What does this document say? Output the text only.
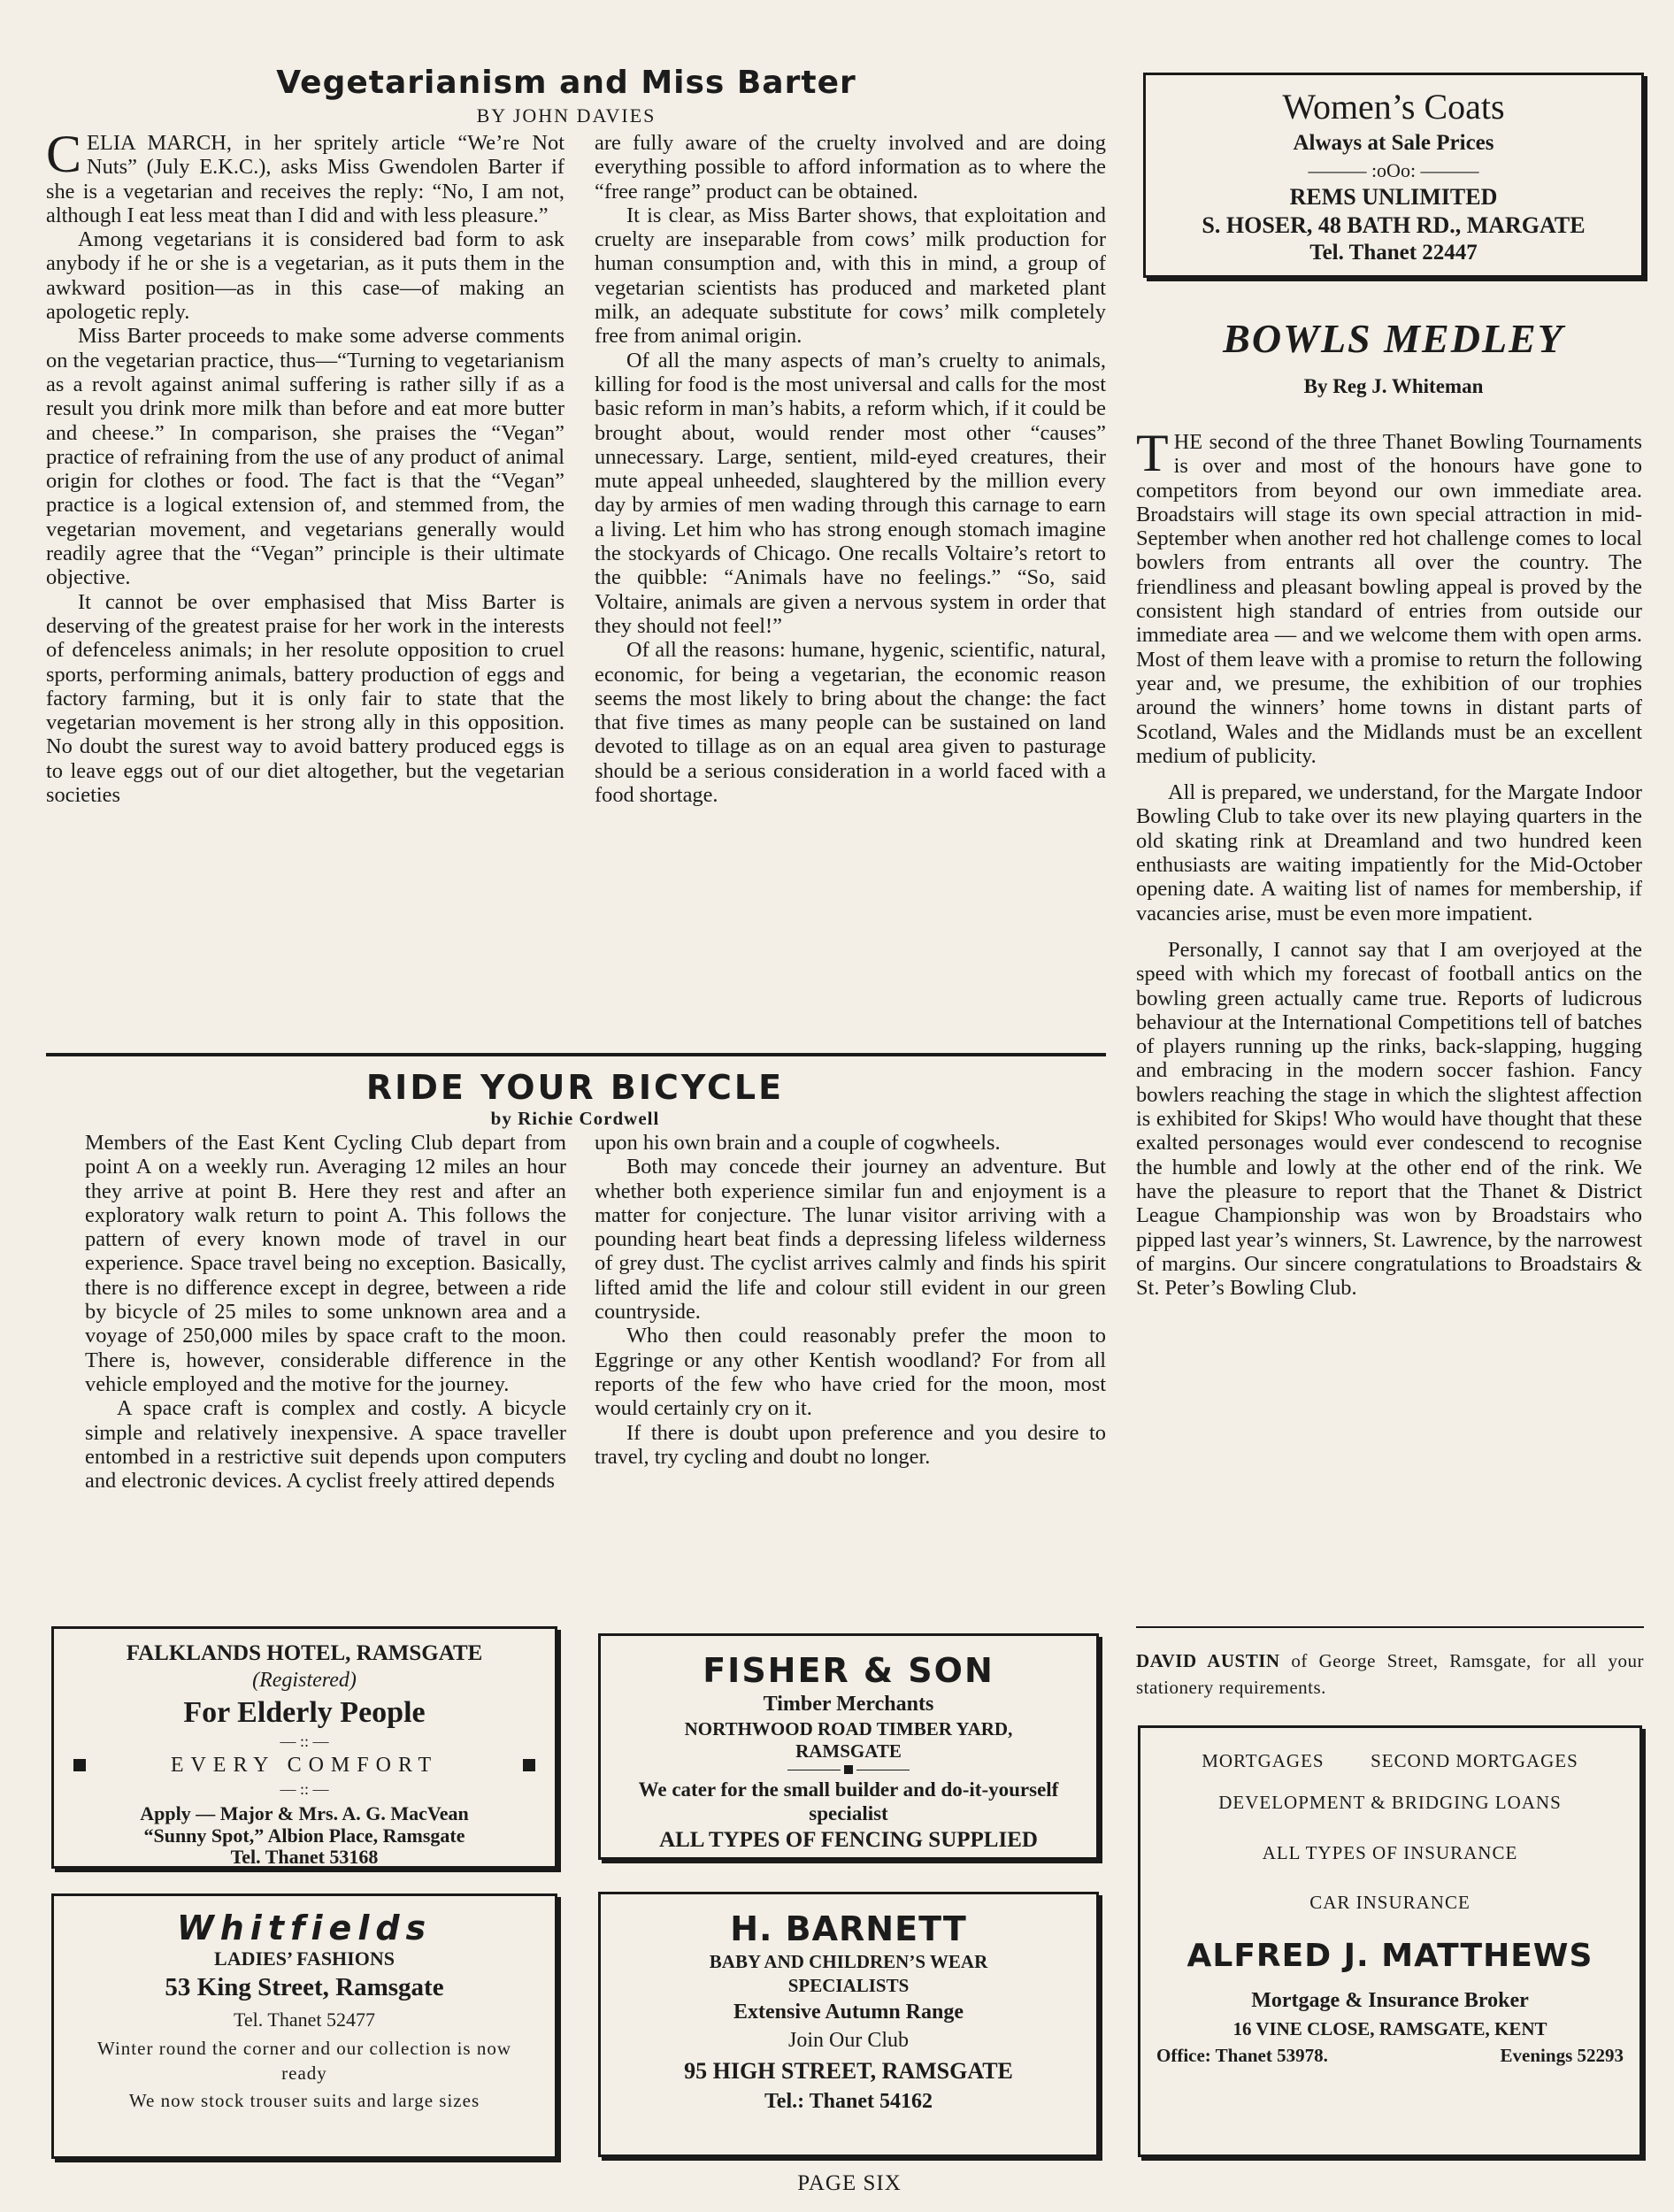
Vegetarianism and Miss Barter
BY JOHN DAVIES

CELIA MARCH, in her spritely article “We’re Not Nuts” (July E.K.C.), asks Miss Gwendolen Barter if she is a vegetarian and receives the reply: “No, I am not, although I eat less meat than I did and with less pleasure.”

Among vegetarians it is considered bad form to ask anybody if he or she is a vegetarian, as it puts them in the awkward position—as in this case—of making an apologetic reply.

Miss Barter proceeds to make some adverse comments on the vegetarian practice, thus—“Turning to vegetarianism as a revolt against animal suffering is rather silly if as a result you drink more milk than before and eat more butter and cheese.” In comparison, she praises the “Vegan” practice of refraining from the use of any product of animal origin for clothes or food. The fact is that the “Vegan” practice is a logical extension of, and stemmed from, the vegetarian movement, and vegetarians generally would readily agree that the “Vegan” principle is their ultimate objective.

It cannot be over emphasised that Miss Barter is deserving of the greatest praise for her work in the interests of defenceless animals; in her resolute opposition to cruel sports, performing animals, battery production of eggs and factory farming, but it is only fair to state that the vegetarian movement is her strong ally in this opposition. No doubt the surest way to avoid battery produced eggs is to leave eggs out of our diet altogether, but the vegetarian societies

are fully aware of the cruelty involved and are doing everything possible to afford information as to where the “free range” product can be obtained.

It is clear, as Miss Barter shows, that exploitation and cruelty are inseparable from cows’ milk production for human consumption and, with this in mind, a group of vegetarian scientists has produced and marketed plant milk, an adequate substitute for cows’ milk completely free from animal origin.

Of all the many aspects of man’s cruelty to animals, killing for food is the most universal and calls for the most basic reform in man’s habits, a reform which, if it could be brought about, would render most other “causes” unnecessary. Large, sentient, mild-eyed creatures, their mute appeal unheeded, slaughtered by the million every day by armies of men wading through this carnage to earn a living. Let him who has strong enough stomach imagine the stockyards of Chicago. One recalls Voltaire’s retort to the quibble: “Animals have no feelings.” “So, said Voltaire, animals are given a nervous system in order that they should not feel!”

Of all the reasons: humane, hygenic, scientific, natural, economic, for being a vegetarian, the economic reason seems the most likely to bring about the change: the fact that five times as many people can be sustained on land devoted to tillage as on an equal area given to pasturage should be a serious consideration in a world faced with a food shortage.

RIDE YOUR BICYCLE
by Richie Cordwell

Members of the East Kent Cycling Club depart from point A on a weekly run. Averaging 12 miles an hour they arrive at point B. Here they rest and after an exploratory walk return to point A. This follows the pattern of every known mode of travel in our experience. Space travel being no exception. Basically, there is no difference except in degree, between a ride by bicycle of 25 miles to some unknown area and a voyage of 250,000 miles by space craft to the moon. There is, however, considerable difference in the vehicle employed and the motive for the journey.

A space craft is complex and costly. A bicycle simple and relatively inexpensive. A space traveller entombed in a restrictive suit depends upon computers and electronic devices. A cyclist freely attired depends

upon his own brain and a couple of cogwheels.

Both may concede their journey an adventure. But whether both experience similar fun and enjoyment is a matter for conjecture. The lunar visitor arriving with a pounding heart beat finds a depressing lifeless wilderness of grey dust. The cyclist arrives calmly and finds his spirit lifted amid the life and colour still evident in our green countryside.

Who then could reasonably prefer the moon to Eggringe or any other Kentish woodland? For from all reports of the few who have cried for the moon, most would certainly cry on it.

If there is doubt upon preference and you desire to travel, try cycling and doubt no longer.

Women’s Coats
Always at Sale Prices
——— :oOo: ———
REMS UNLIMITED
S. HOSER, 48 BATH RD., MARGATE
Tel. Thanet 22447
BOWLS MEDLEY
By Reg J. Whiteman

THE second of the three Thanet Bowling Tournaments is over and most of the honours have gone to competitors from beyond our own immediate area. Broadstairs will stage its own special attraction in mid-September when another red hot challenge comes to local bowlers from entrants all over the country. The friendliness and pleasant bowling appeal is proved by the consistent high standard of entries from outside our immediate area — and we welcome them with open arms. Most of them leave with a promise to return the following year and, we presume, the exhibition of our trophies around the winners’ home towns in distant parts of Scotland, Wales and the Midlands must be an excellent medium of publicity.

All is prepared, we understand, for the Margate Indoor Bowling Club to take over its new playing quarters in the old skating rink at Dreamland and two hundred keen enthusiasts are waiting impatiently for the Mid-October opening date. A waiting list of names for membership, if vacancies arise, must be even more impatient.

Personally, I cannot say that I am overjoyed at the speed with which my forecast of football antics on the bowling green actually came true. Reports of ludicrous behaviour at the International Competitions tell of batches of players running up the rinks, back-slapping, hugging and embracing in the modern soccer fashion. Fancy bowlers reaching the stage in which the slightest affection is exhibited for Skips! Who would have thought that these exalted personages would ever condescend to recognise the humble and lowly at the other end of the rink. We have the pleasure to report that the Thanet & District League Championship was won by Broadstairs who pipped last year’s winners, St. Lawrence, by the narrowest of margins. Our sincere congratulations to Broadstairs & St. Peter’s Bowling Club.

DAVID AUSTIN of George Street, Ramsgate, for all your stationery requirements.
FALKLANDS HOTEL, RAMSGATE
(Registered)
For Elderly People
— :: —
EVERY COMFORT
— :: —
Apply — Major & Mrs. A. G. MacVean
“Sunny Spot,” Albion Place, Ramsgate
Tel. Thanet 53168
FISHER & SON
Timber Merchants
NORTHWOOD ROAD TIMBER YARD,
RAMSGATE

We cater for the small builder and do-it-yourself specialist
ALL TYPES OF FENCING SUPPLIED
Whitfields
LADIES’ FASHIONS
53 King Street, Ramsgate
Tel. Thanet 52477
Winter round the corner and our collection is now ready
We now stock trouser suits and large sizes
H. BARNETT
BABY AND CHILDREN’S WEAR
SPECIALISTS
Extensive Autumn Range
Join Our Club
95 HIGH STREET, RAMSGATE
Tel.: Thanet 54162
MORTGAGES	SECOND MORTGAGES
DEVELOPMENT & BRIDGING LOANS
ALL TYPES OF INSURANCE
CAR INSURANCE
ALFRED J. MATTHEWS
Mortgage & Insurance Broker
16 VINE CLOSE, RAMSGATE, KENT
Office: Thanet 53978.	Evenings 52293
PAGE SIX
